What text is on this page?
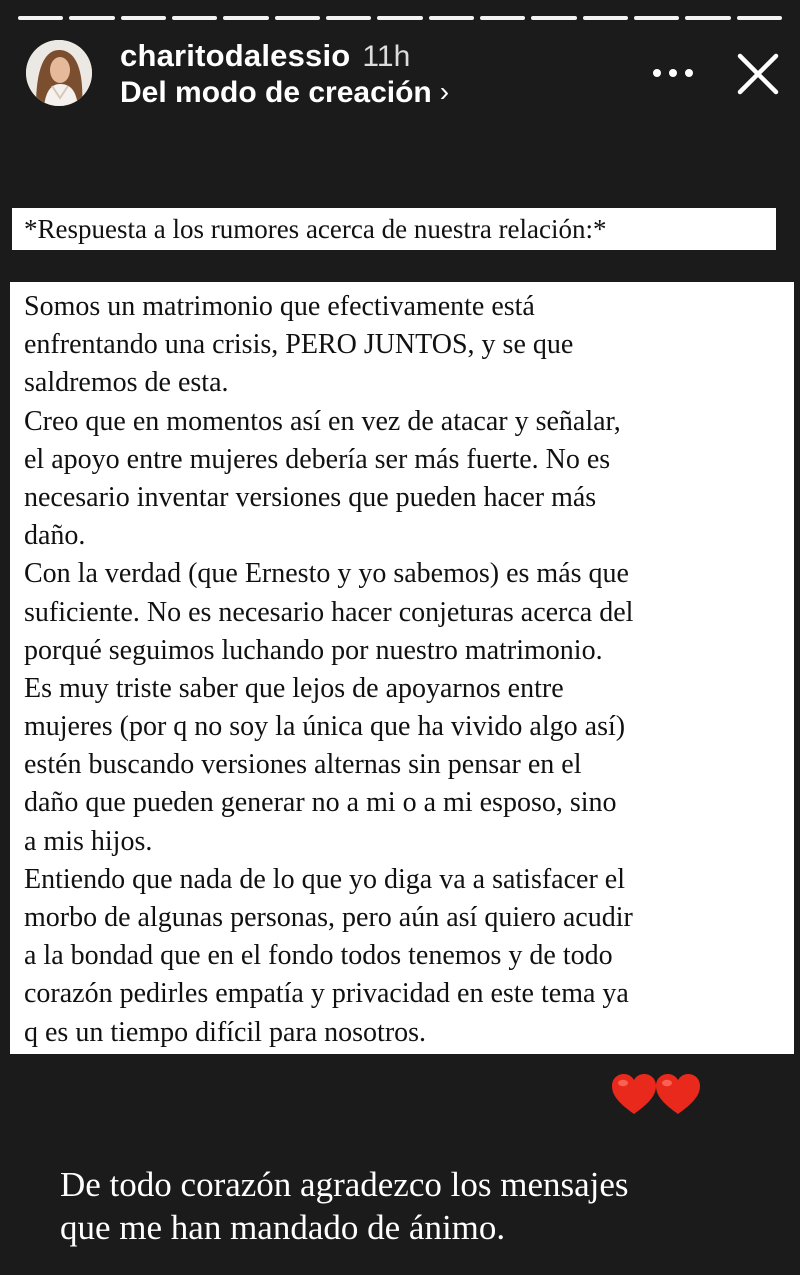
charitodalessio 11h
Del modo de creación ›
*Respuesta a los rumores acerca de nuestra relación:*
Somos un matrimonio que efectivamente está
enfrentando una crisis, PERO JUNTOS, y se que
saldremos de esta.
Creo que en momentos así en vez de atacar y señalar,
el apoyo entre mujeres debería ser más fuerte. No es
necesario inventar versiones que pueden hacer más
daño.
Con la verdad (que Ernesto y yo sabemos) es más que
suficiente. No es necesario hacer conjeturas acerca del
porqué seguimos luchando por nuestro matrimonio.
Es muy triste saber que lejos de apoyarnos entre
mujeres (por q no soy la única que ha vivido algo así)
estén buscando versiones alternas sin pensar en el
daño que pueden generar no a mi o a mi esposo, sino
a mis hijos.
Entiendo que nada de lo que yo diga va a satisfacer el
morbo de algunas personas, pero aún así quiero acudir
a la bondad que en el fondo todos tenemos y de todo
corazón pedirles empatía y privacidad en este tema ya
q es un tiempo difícil para nosotros.
De todo corazón agradezco los mensajes
que me han mandado de ánimo.
